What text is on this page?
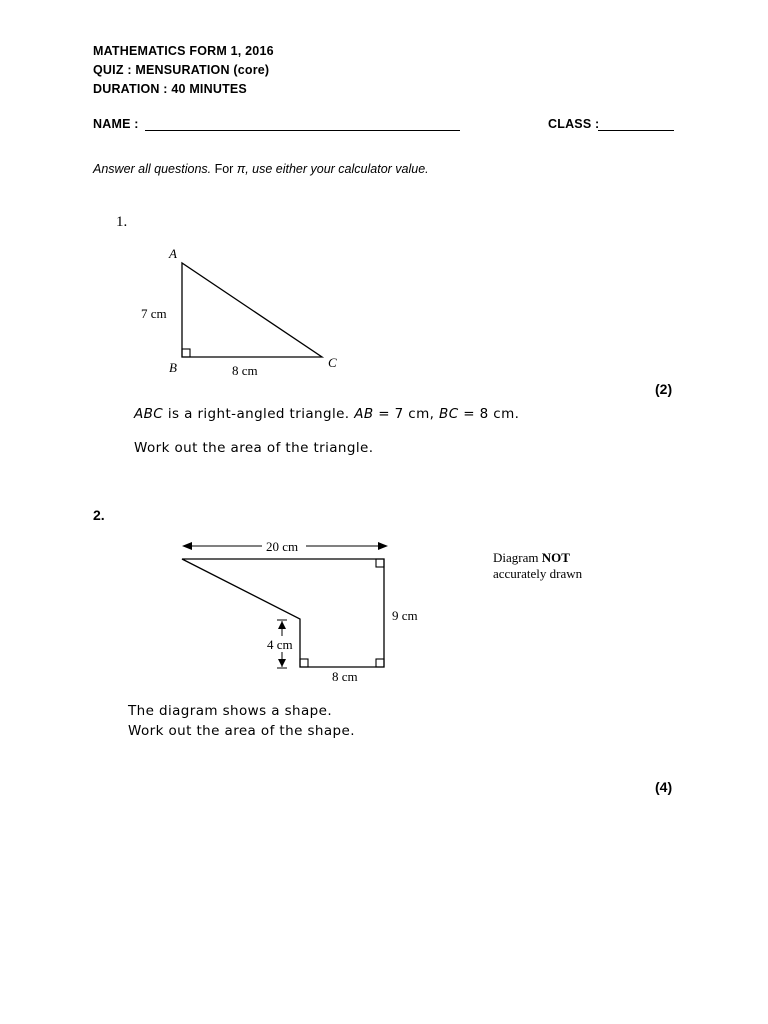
MATHEMATICS FORM 1, 2016
QUIZ : MENSURATION (core)
DURATION : 40 MINUTES
NAME :	CLASS :
Answer all questions. For π, use either your calculator value.
1.
A
B	C
7 cm
8 cm
20 cm
4 cm
9 cm
8 cm
(2)
ABC is a right-angled triangle. AB = 7 cm, BC = 8 cm.
Work out the area of the triangle.
2.
Diagram NOT
accurately drawn
The diagram shows a shape.
Work out the area of the shape.
(4)
